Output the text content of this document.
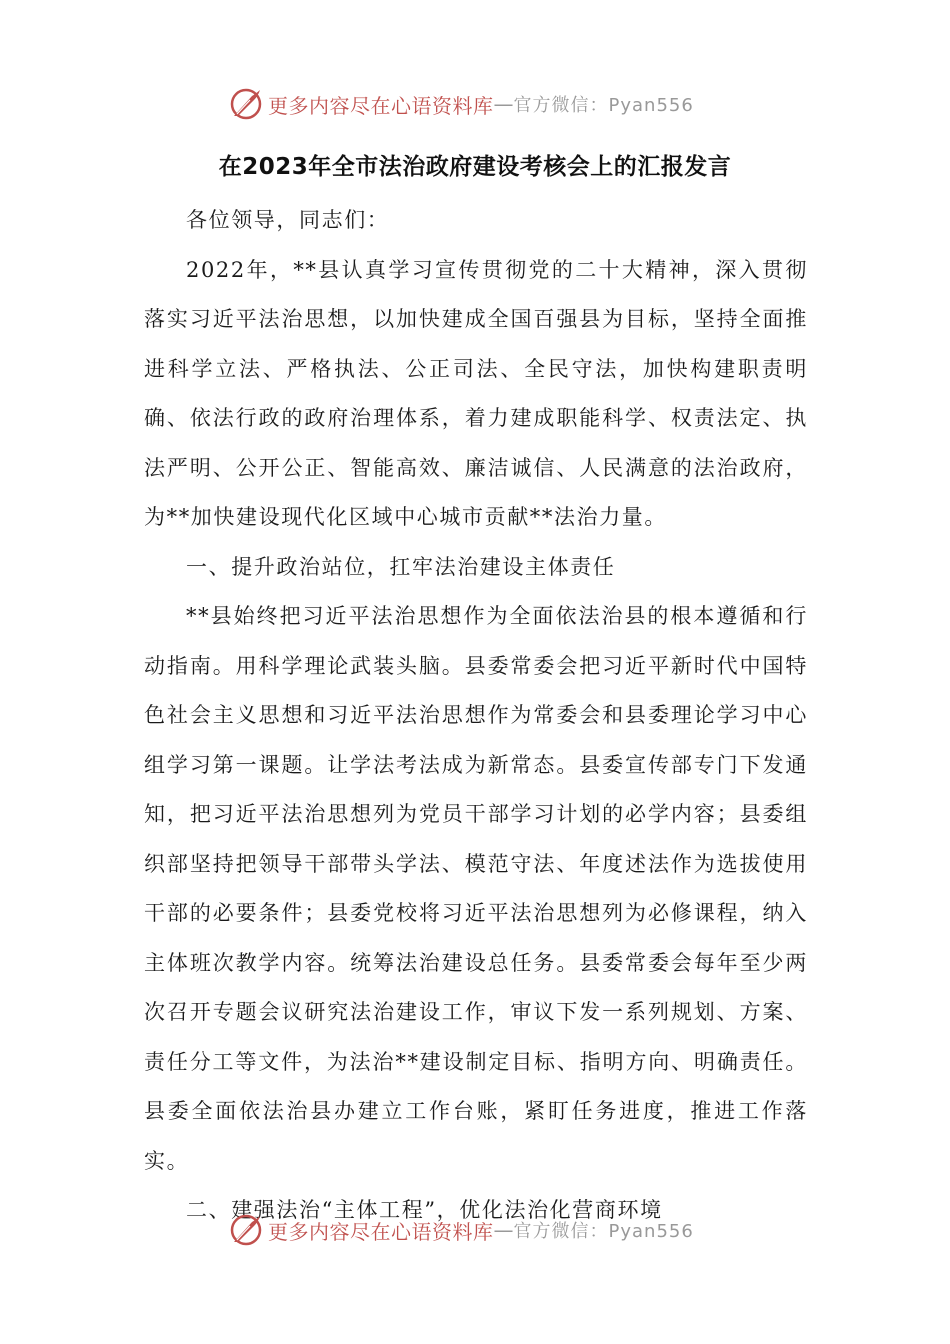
更多内容尽在心语资料库 — 官方微信：Pyan556
在2023年全市法治政府建设考核会上的汇报发言

各位领导，同志们：

2022年，**县认真学习宣传贯彻党的二十大精神，深入贯彻落实习近平法治思想，以加快建成全国百强县为目标，坚持全面推进科学立法、严格执法、公正司法、全民守法，加快构建职责明确、依法行政的政府治理体系，着力建成职能科学、权责法定、执法严明、公开公正、智能高效、廉洁诚信、人民满意的法治政府，为**加快建设现代化区域中心城市贡献**法治力量。

一、提升政治站位，扛牢法治建设主体责任

**县始终把习近平法治思想作为全面依法治县的根本遵循和行动指南。用科学理论武装头脑。县委常委会把习近平新时代中国特色社会主义思想和习近平法治思想作为常委会和县委理论学习中心组学习第一课题。让学法考法成为新常态。县委宣传部专门下发通知，把习近平法治思想列为党员干部学习计划的必学内容；县委组织部坚持把领导干部带头学法、模范守法、年度述法作为选拔使用干部的必要条件；县委党校将习近平法治思想列为必修课程，纳入主体班次教学内容。统筹法治建设总任务。县委常委会每年至少两次召开专题会议研究法治建设工作，审议下发一系列规划、方案、责任分工等文件，为法治**建设制定目标、指明方向、明确责任。县委全面依法治县办建立工作台账，紧盯任务进度，推进工作落实。

二、建强法治“主体工程”，优化法治化营商环境

更多内容尽在心语资料库 — 官方微信：Pyan556
